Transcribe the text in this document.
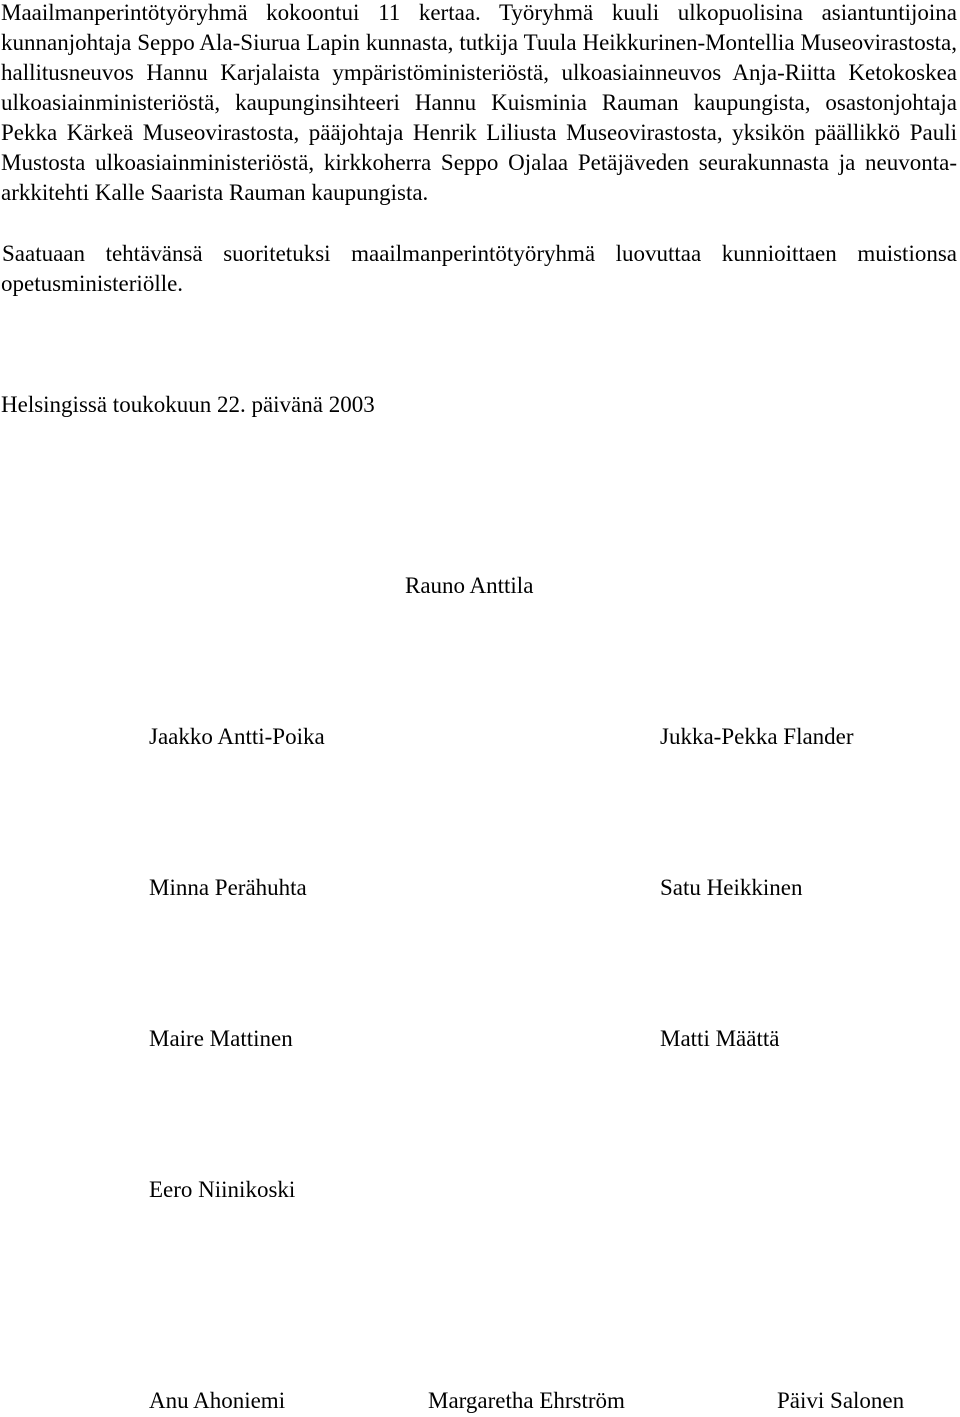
Maailmanperintötyöryhmä kokoontui 11 kertaa. Työryhmä kuuli ulkopuolisina asiantuntijoina kunnanjohtaja Seppo Ala-Siurua Lapin kunnasta, tutkija Tuula Heikkurinen-Montellia Museovirastosta, hallitusneuvos Hannu Karjalaista ympäristöministeriöstä, ulkoasiainneuvos Anja-Riitta Ketokoskea ulkoasiainministeriöstä, kaupunginsihteeri Hannu Kuisminia Rauman kaupungista, osastonjohtaja Pekka Kärkeä Museovirastosta, pääjohtaja Henrik Liliusta Museovirastosta, yksikön päällikkö Pauli Mustosta ulkoasiainministeriöstä, kirkkoherra Seppo Ojalaa Petäjäveden seurakunnasta ja neuvonta-arkkitehti Kalle Saarista Rauman kaupungista.

Saatuaan tehtävänsä suoritetuksi maailmanperintötyöryhmä luovuttaa kunnioittaen muistionsa opetusministeriölle.

Helsingissä toukokuun 22. päivänä 2003
Rauno Anttila
Jaakko Antti-Poika	Jukka-Pekka Flander
Minna Perähuhta	Satu Heikkinen
Maire Mattinen	Matti Määttä
Eero Niinikoski
Anu Ahoniemi	Margaretha Ehrström	Päivi Salonen
